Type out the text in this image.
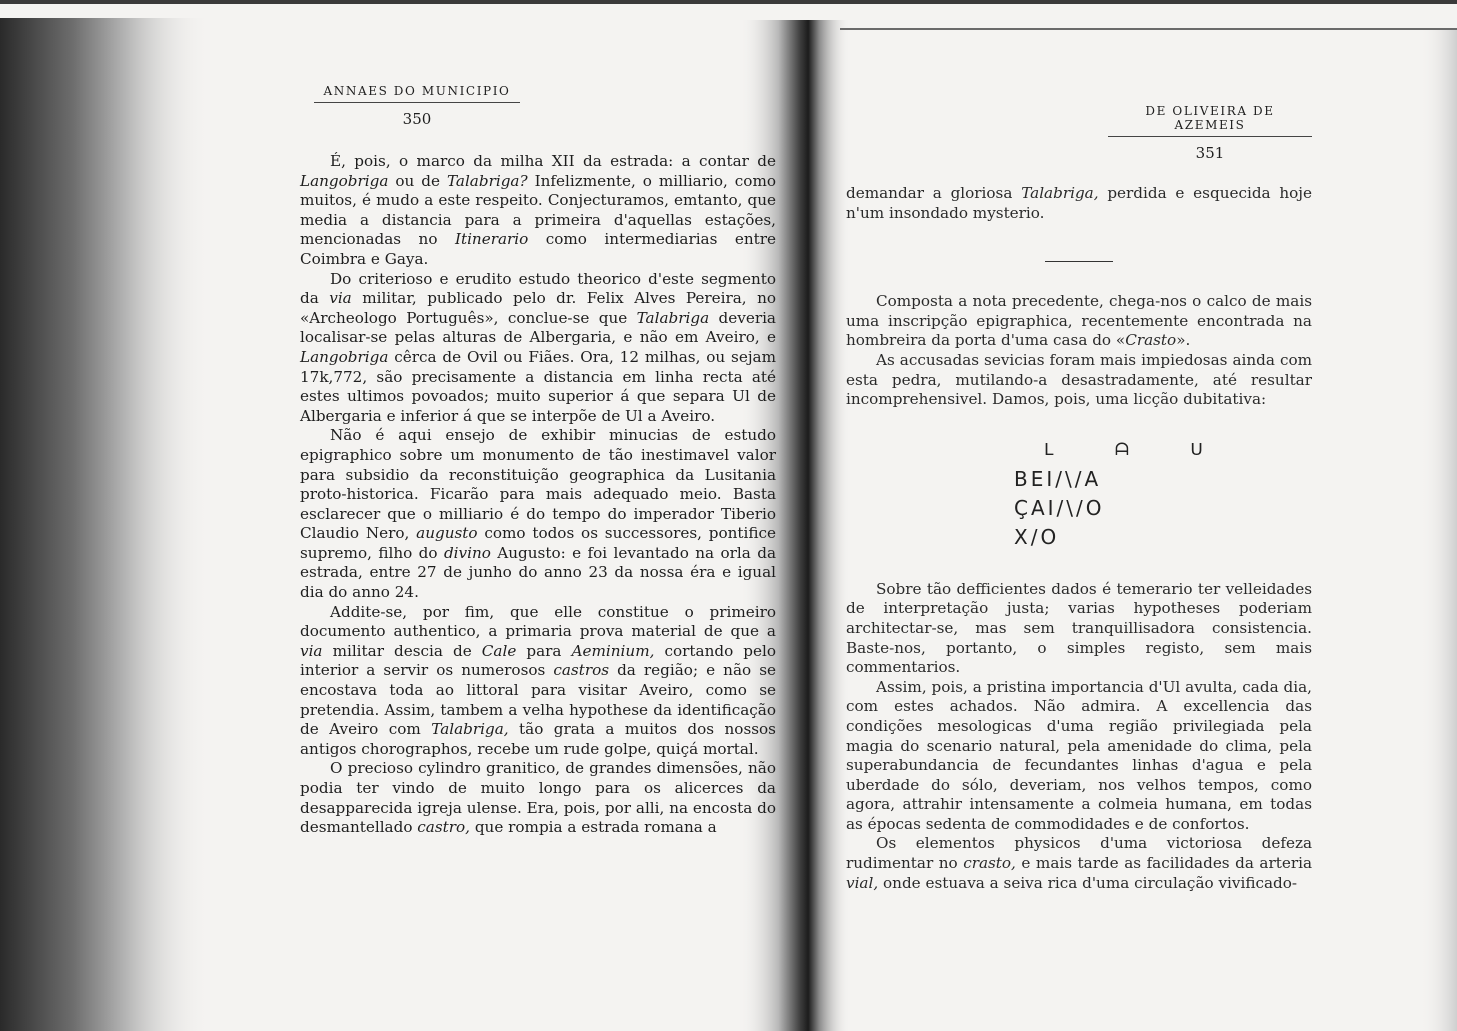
ANNAES DO MUNICIPIO
350

É, pois, o marco da milha XII da estrada: a contar de Langobriga ou de Talabriga? Infelizmente, o milliario, como muitos, é mudo a este respeito. Conjecturamos, emtanto, que media a distancia para a primeira d'aquellas estações, mencionadas no Itinerario como intermediarias entre Coimbra e Gaya.

Do criterioso e erudito estudo theorico d'este segmento da via militar, publicado pelo dr. Felix Alves Pereira, no «Archeologo Português», conclue-se que Talabriga deveria localisar-se pelas alturas de Albergaria, e não em Aveiro, e Langobriga cêrca de Ovil ou Fiães. Ora, 12 milhas, ou sejam 17k,772, são precisamente a distancia em linha recta até estes ultimos povoados; muito superior á que separa Ul de Albergaria e inferior á que se interpõe de Ul a Aveiro.

Não é aqui ensejo de exhibir minucias de estudo epigraphico sobre um monumento de tão inestimavel valor para subsidio da reconstituição geographica da Lusitania proto-historica. Ficarão para mais adequado meio. Basta esclarecer que o milliario é do tempo do imperador Tiberio Claudio Nero, augusto como todos os successores, pontifice supremo, filho do divino Augusto: e foi levantado na orla da estrada, entre 27 de junho do anno 23 da nossa éra e igual dia do anno 24.

Addite-se, por fim, que elle constitue o primeiro documento authentico, a primaria prova material de que a via militar descia de Cale para Aeminium, cortando pelo interior a servir os numerosos castros da região; e não se encostava toda ao littoral para visitar Aveiro, como se pretendia. Assim, tambem a velha hypothese da identificação de Aveiro com Talabriga, tão grata a muitos dos nossos antigos chorographos, recebe um rude golpe, quiçá mortal.

O precioso cylindro granitico, de grandes dimensões, não podia ter vindo de muito longo para os alicerces da desapparecida igreja ulense. Era, pois, por alli, na encosta do desmantellado castro, que rompia a estrada romana a

DE OLIVEIRA DE AZEMEIS
351

demandar a gloriosa Talabriga, perdida e esquecida hoje n'um insondado mysterio.

Composta a nota precedente, chega-nos o calco de mais uma inscripção epigraphica, recentemente encontrada na hombreira da porta d'uma casa do «Crasto».

As accusadas sevicias foram mais impiedosas ainda com esta pedra, mutilando-a desastradamente, até resultar incomprehensivel. Damos, pois, uma licção dubitativa:

ᒪ ᗩ ᑌ
BEI/\/A
ÇAI/\/O
X/O

Sobre tão defficientes dados é temerario ter velleidades de interpretação justa; varias hypotheses poderiam architectar-se, mas sem tranquillisadora consistencia. Baste-nos, portanto, o simples registo, sem mais commentarios.

Assim, pois, a pristina importancia d'Ul avulta, cada dia, com estes achados. Não admira. A excellencia das condições mesologicas d'uma região privilegiada pela magia do scenario natural, pela amenidade do clima, pela superabundancia de fecundantes linhas d'agua e pela uberdade do sólo, deveriam, nos velhos tempos, como agora, attrahir intensamente a colmeia humana, em todas as épocas sedenta de commodidades e de confortos.

Os elementos physicos d'uma victoriosa defeza rudimentar no crasto, e mais tarde as facilidades da arteria vial, onde estuava a seiva rica d'uma circulação vivificado-
